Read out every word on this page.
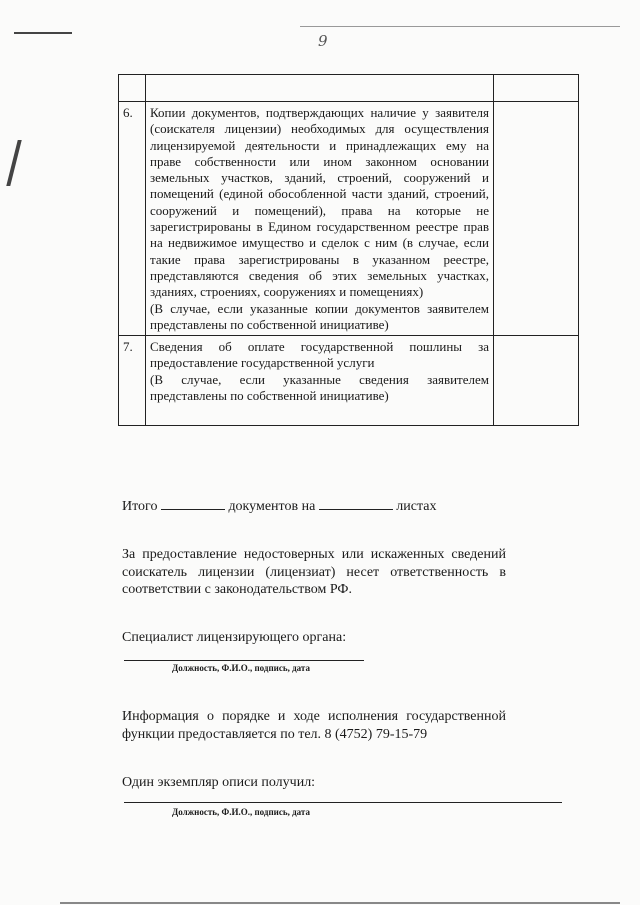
9

6.	Копии документов, подтверждающих наличие у заявителя (соискателя лицензии) необходимых для осуществления лицензируемой деятельности и принадлежащих ему на праве собственности или ином законном основании земельных участков, зданий, строений, сооружений и помещений (единой обособленной части зданий, строений, сооружений и помещений), права на которые не зарегистрированы в Едином государственном реестре прав на недвижимое имущество и сделок с ним (в случае, если такие права зарегистрированы в указанном реестре, представляются сведения об этих земельных участках, зданиях, строениях, сооружениях и помещениях)
(В случае, если указанные копии документов заявителем представлены по собственной инициативе)	

7.	Сведения об оплате государственной пошлины за предоставление государственной услуги
(В случае, если указанные сведения заявителем представлены по собственной инициативе)	

Итого	документов на	листах
За предоставление недостоверных или искаженных сведений соискатель лицензии (лицензиат) несет ответственность в соответствии с законодательством РФ.
Специалист лицензирующего органа:
Должность, Ф.И.О., подпись, дата
Информация о порядке и ходе исполнения государственной функции предоставляется по тел. 8 (4752) 79-15-79
Один экземпляр описи получил:
Должность, Ф.И.О., подпись, дата
